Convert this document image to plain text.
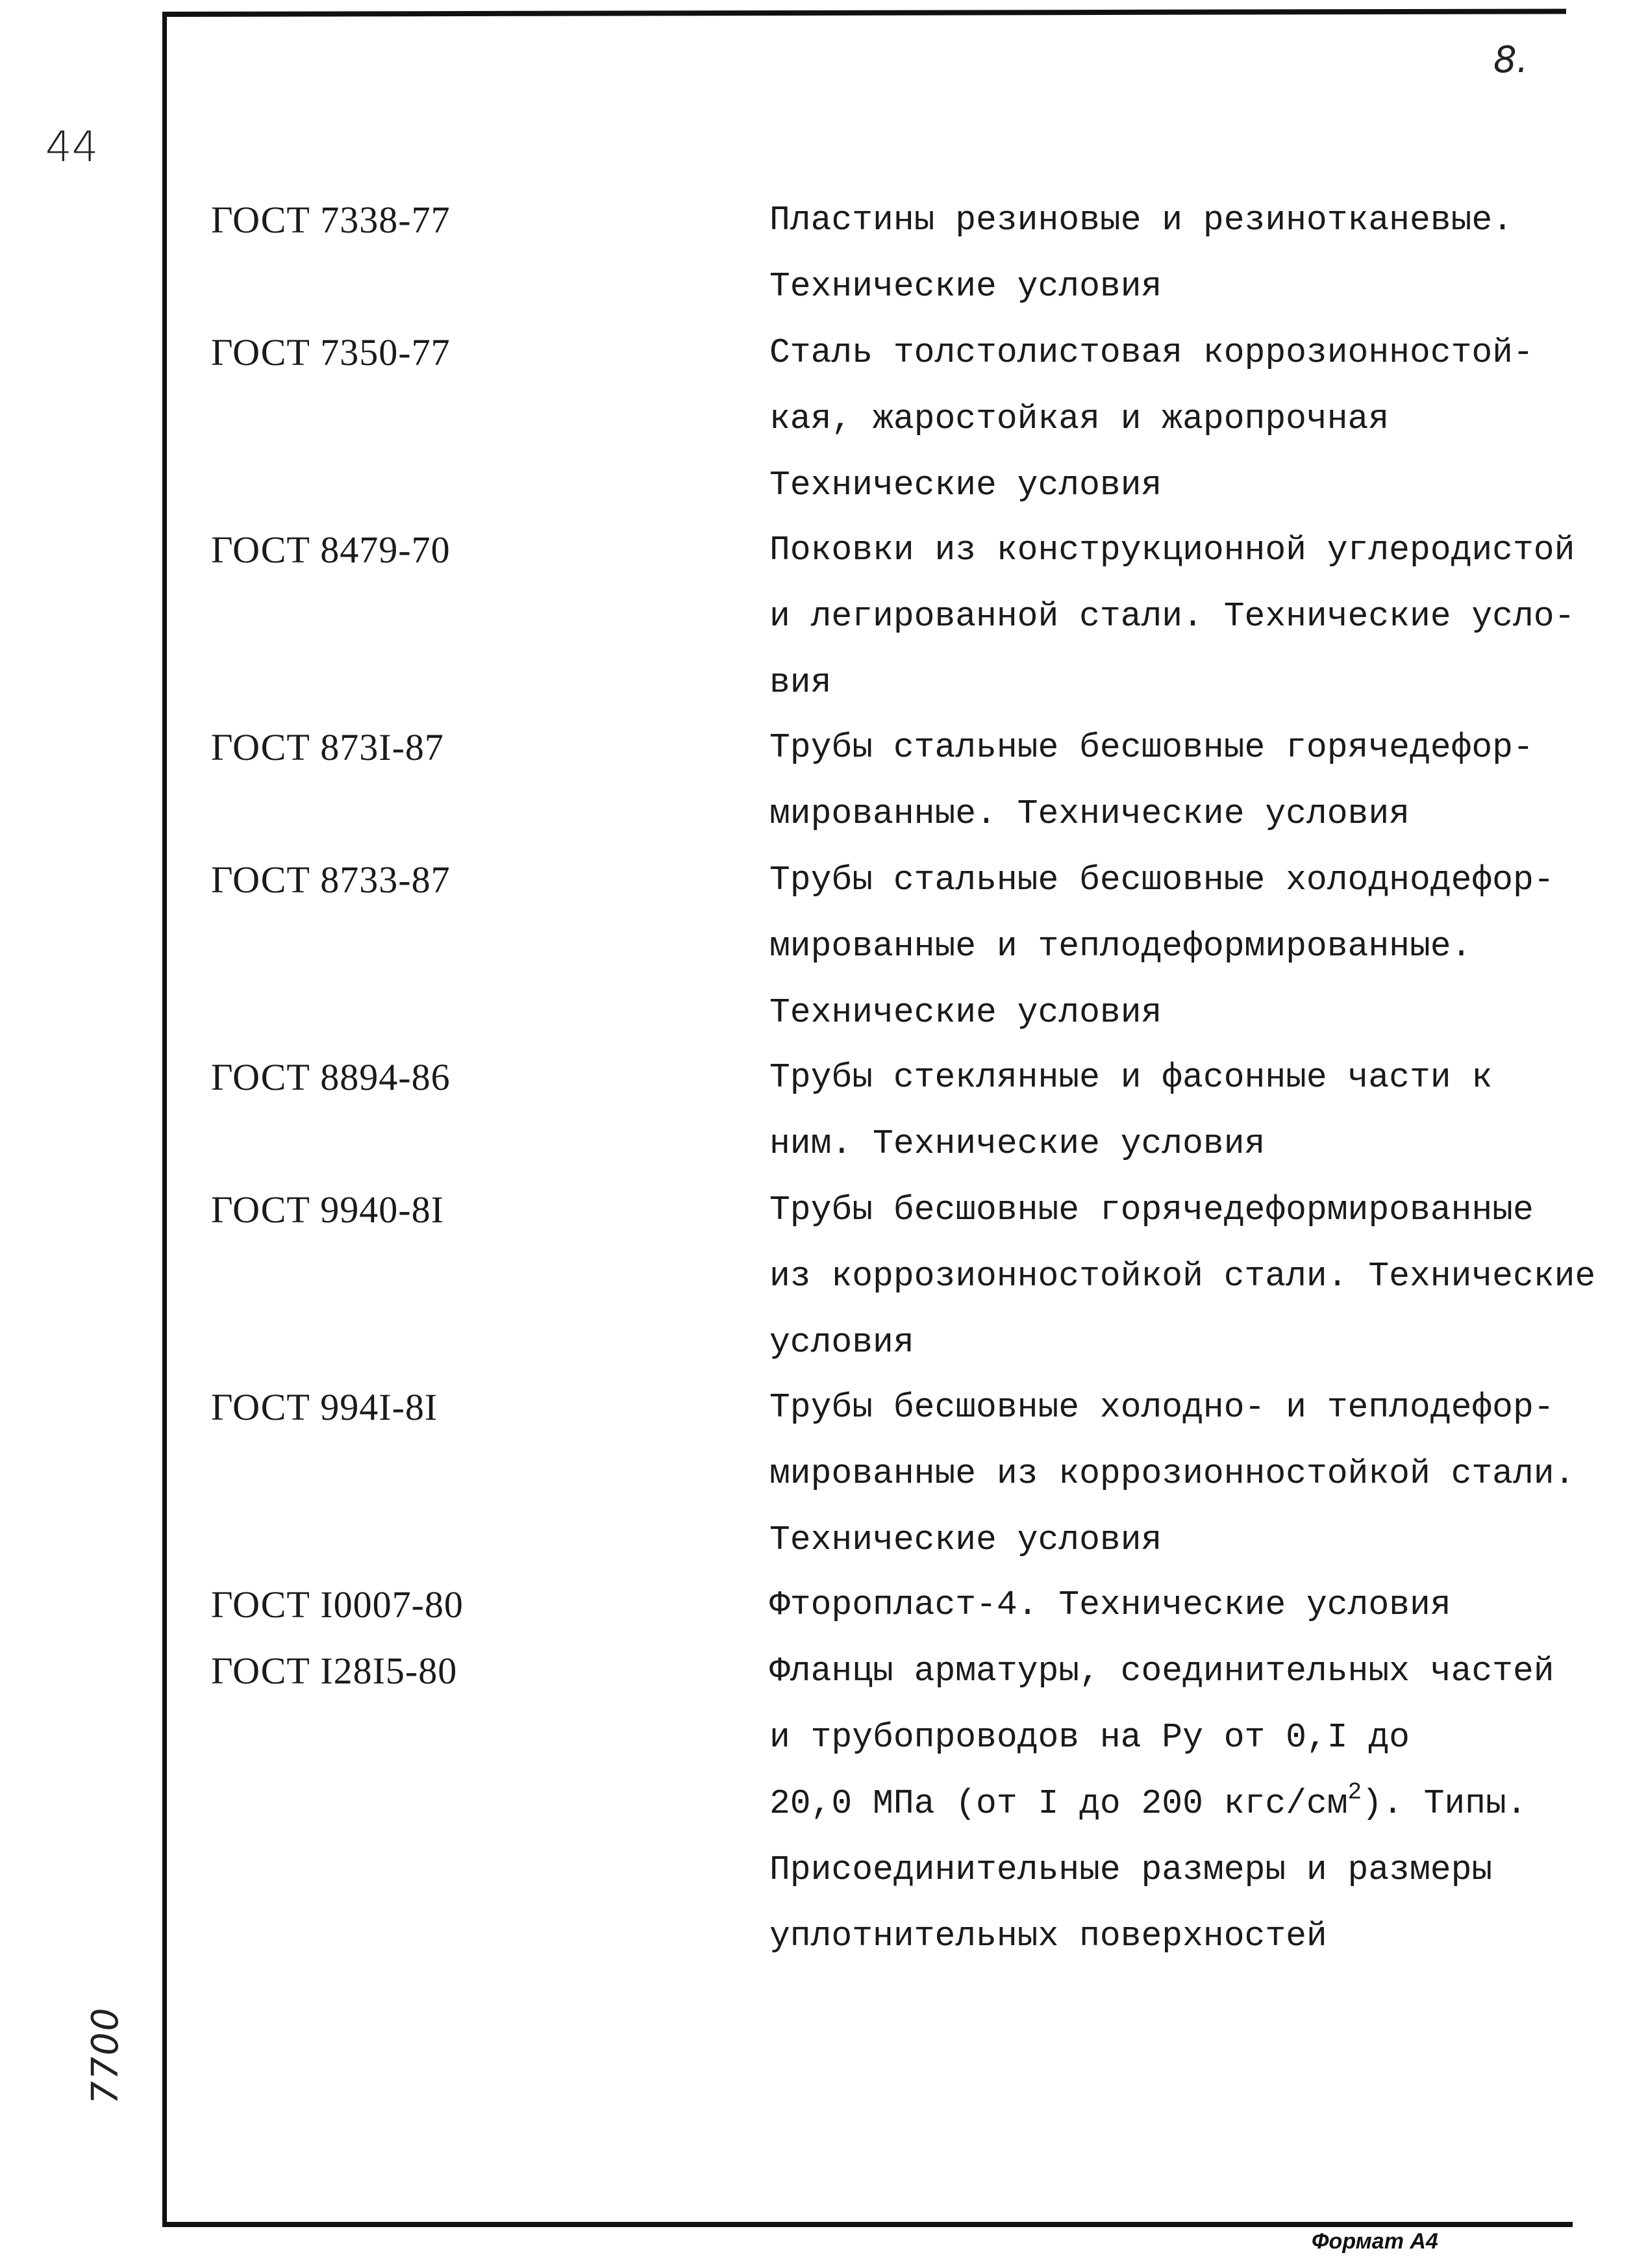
8.
44
7700
ГОСТ 7338-77	Пластины резиновые и резинотканевые.
Технические условия
ГОСТ 7350-77	Сталь толстолистовая коррозионностой-
кая, жаростойкая и жаропрочная
Технические условия
ГОСТ 8479-70	Поковки из конструкционной углеродистой
и легированной стали. Технические усло-
вия
ГОСТ 873I-87	Трубы стальные бесшовные горячедефор-
мированные. Технические условия
ГОСТ 8733-87	Трубы стальные бесшовные холоднодефор-
мированные и теплодеформированные.
Технические условия
ГОСТ 8894-86	Трубы стеклянные и фасонные части к
ним. Технические условия
ГОСТ 9940-8I	Трубы бесшовные горячедеформированные
из коррозионностойкой стали. Технические
условия
ГОСТ 994I-8I	Трубы бесшовные холодно- и теплодефор-
мированные из коррозионностойкой стали.
Технические условия
ГОСТ I0007-80	Фторопласт-4. Технические условия
ГОСТ I28I5-80	Фланцы арматуры, соединительных частей
и трубопроводов на Ру от 0,I до
20,0 МПа (от I до 200 кгс/$см^2$). Типы.
Присоединительные размеры и размеры
уплотнительных поверхностей
Формат А4
